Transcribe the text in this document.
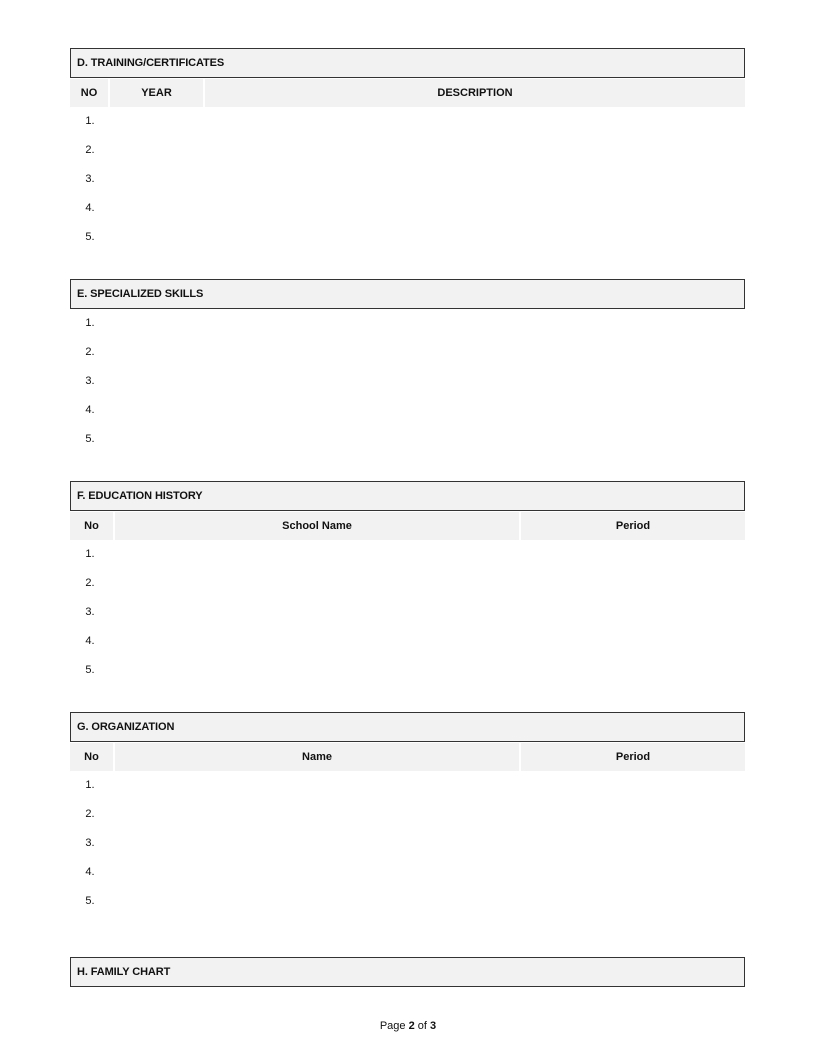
D. TRAINING/CERTIFICATES
NO	YEAR	DESCRIPTION
1.
2.
3.
4.
5.
E. SPECIALIZED SKILLS
1.
2.
3.
4.
5.
F. EDUCATION HISTORY
No	School Name	Period
1.
2.
3.
4.
5.
G. ORGANIZATION
No	Name	Period
1.
2.
3.
4.
5.
H. FAMILY CHART
Page 2 of 3
